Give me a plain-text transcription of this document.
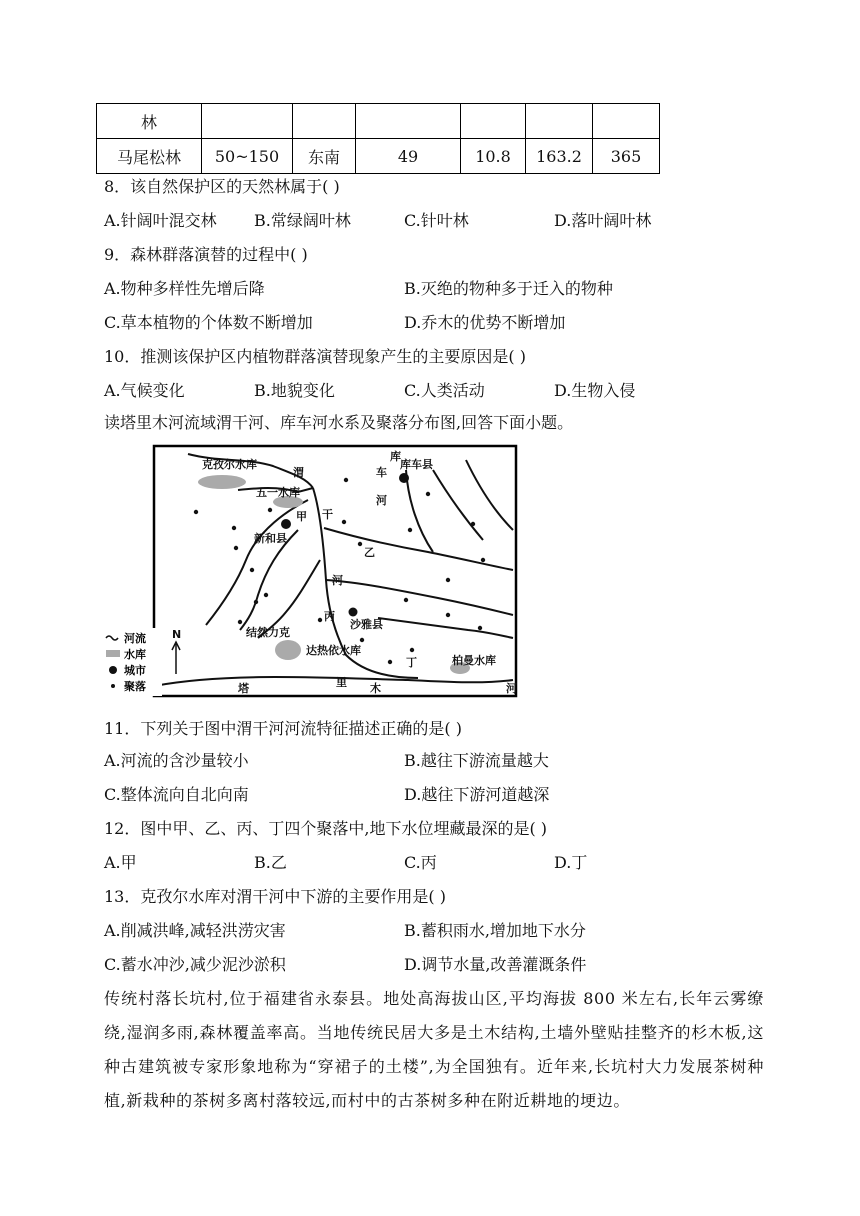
林						
马尾松林	50~150	东南	49	10.8	163.2	365
8．该自然保护区的天然林属于( )
A.针阔叶混交林 B.常绿阔叶林	C.针叶林	D.落叶阔叶林
9．森林群落演替的过程中( )
A.物种多样性先增后降	B.灭绝的物种多于迁入的物种
C.草本植物的个体数不断增加	D.乔木的优势不断增加
10．推测该保护区内植物群落演替现象产生的主要原因是( )
A.气候变化	B.地貌变化	C.人类活动	D.生物入侵
读塔里木河流域渭干河、库车河水系及聚落分布图,回答下面小题。
克孜尔水库
五一水库
甲
新和县
渭
干
河
库
车
河
库车县
乙
丙
沙雅县
结然力克
达热依水库
丁	柏曼水库
塔	里 木	河
N
河流
水库
城市
聚落
11．下列关于图中渭干河河流特征描述正确的是( )
A.河流的含沙量较小	B.越往下游流量越大
C.整体流向自北向南	D.越往下游河道越深
12．图中甲、乙、丙、丁四个聚落中,地下水位埋藏最深的是( )
A.甲	B.乙	C.丙	D.丁
13．克孜尔水库对渭干河中下游的主要作用是( )
A.削减洪峰,减轻洪涝灾害	B.蓄积雨水,增加地下水分
C.蓄水冲沙,减少泥沙淤积	D.调节水量,改善灌溉条件
传统村落长坑村,位于福建省永泰县。地处高海拔山区,平均海拔 800 米左右,长年云雾缭绕,湿润多雨,森林覆盖率高。当地传统民居大多是土木结构,土墙外壁贴挂整齐的杉木板,这种古建筑被专家形象地称为“穿裙子的土楼”,为全国独有。近年来,长坑村大力发展茶树种植,新栽种的茶树多离村落较远,而村中的古茶树多种在附近耕地的埂边。
